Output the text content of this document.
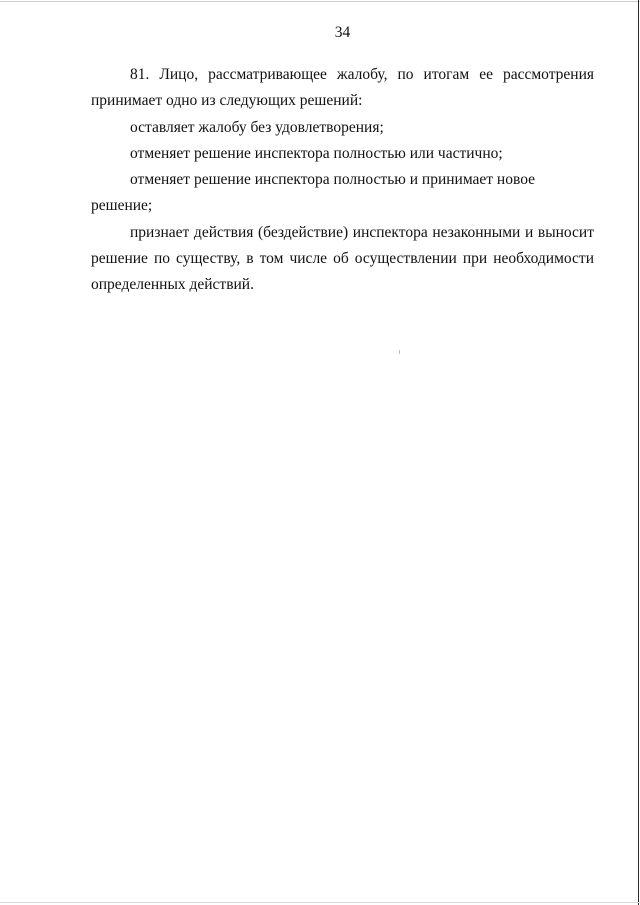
34

81. Лицо, рассматривающее жалобу, по итогам ее рассмотрения принимает одно из следующих решений:

оставляет жалобу без удовлетворения;

отменяет решение инспектора полностью или частично;

отменяет решение инспектора полностью и принимает новое решение;

признает действия (бездействие) инспектора незаконными и выносит решение по существу, в том числе об осуществлении при необходимости определенных действий.
